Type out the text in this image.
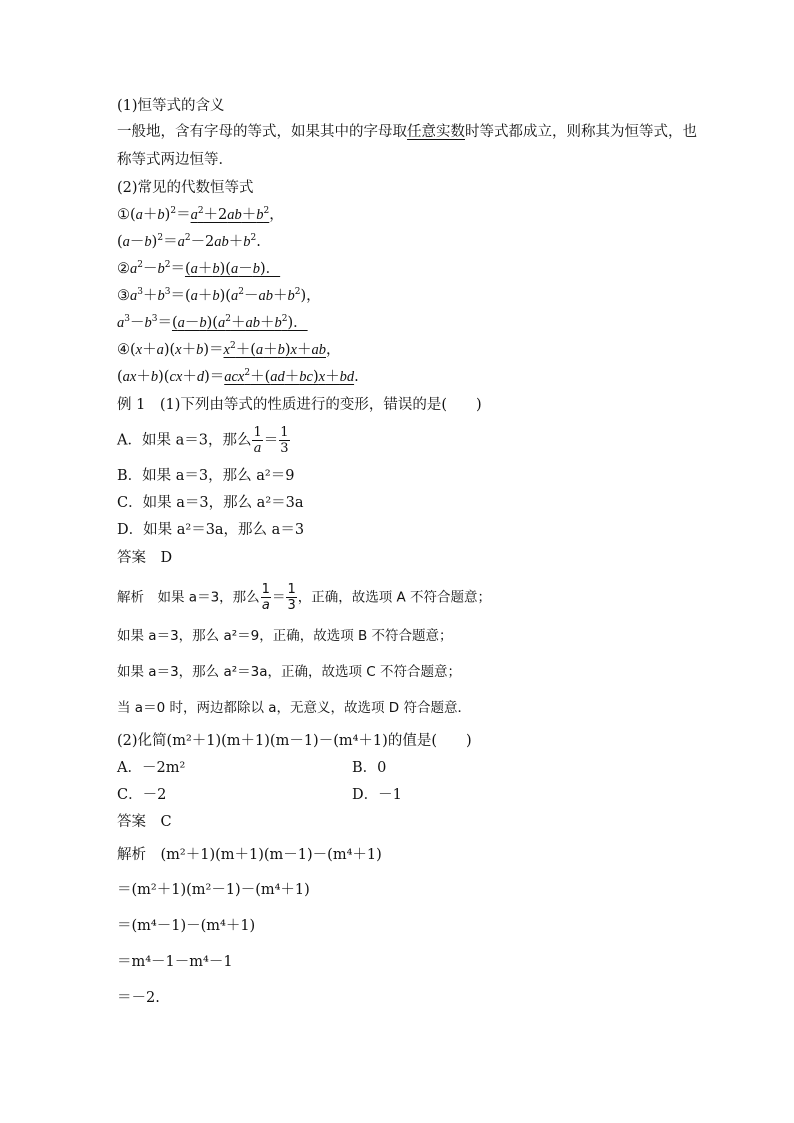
(1)恒等式的含义
一般地，含有字母的等式，如果其中的字母取任意实数时等式都成立，则称其为恒等式，也
称等式两边恒等．
(2)常见的代数恒等式
$①(a+b)^2=a^2+2ab+b^2$，
$(a-b)^2=a^2-2ab+b^2$.
$②a^2-b^2=(a+b)(a-b)$．
$③a^3+b^3=(a+b)(a^2-ab+b^2)$，
$a^3-b^3=(a-b)(a^2+ab+b^2)$．
$④(x+a)(x+b)=x^2+(a+b)x+ab$，
(ax＋b)(cx＋d)＝acx$^2$＋(ad＋bc)x＋bd.
例 1　(1)下列由等式的性质进行的变形，错误的是(　　)
A．如果 a＝3，那么 $\frac{1}{a} = \frac{1}{3}$
B．如果 a＝3，那么 a²＝9
C．如果 a＝3，那么 a²＝3a
D．如果 a²＝3a，那么 a＝3
答案　D
解析　如果 a＝3，那么 $\frac{1}{a} = \frac{1}{3}$ ，正确，故选项 A 不符合题意；
如果 a＝3，那么 a²＝9，正确，故选项 B 不符合题意；
如果 a＝3，那么 a²＝3a，正确，故选项 C 不符合题意；
当 a＝0 时，两边都除以 a，无意义，故选项 D 符合题意．
(2)化简(m²＋1)(m＋1)(m－1)－(m⁴＋1)的值是(　　)
A．－2m²	B．0
C．－2	D．－1
答案　C
解析　(m²＋1)(m＋1)(m－1)－(m⁴＋1)
＝(m²＋1)(m²－1)－(m⁴＋1)
＝(m⁴－1)－(m⁴＋1)
＝m⁴－1－m⁴－1
＝－2.
